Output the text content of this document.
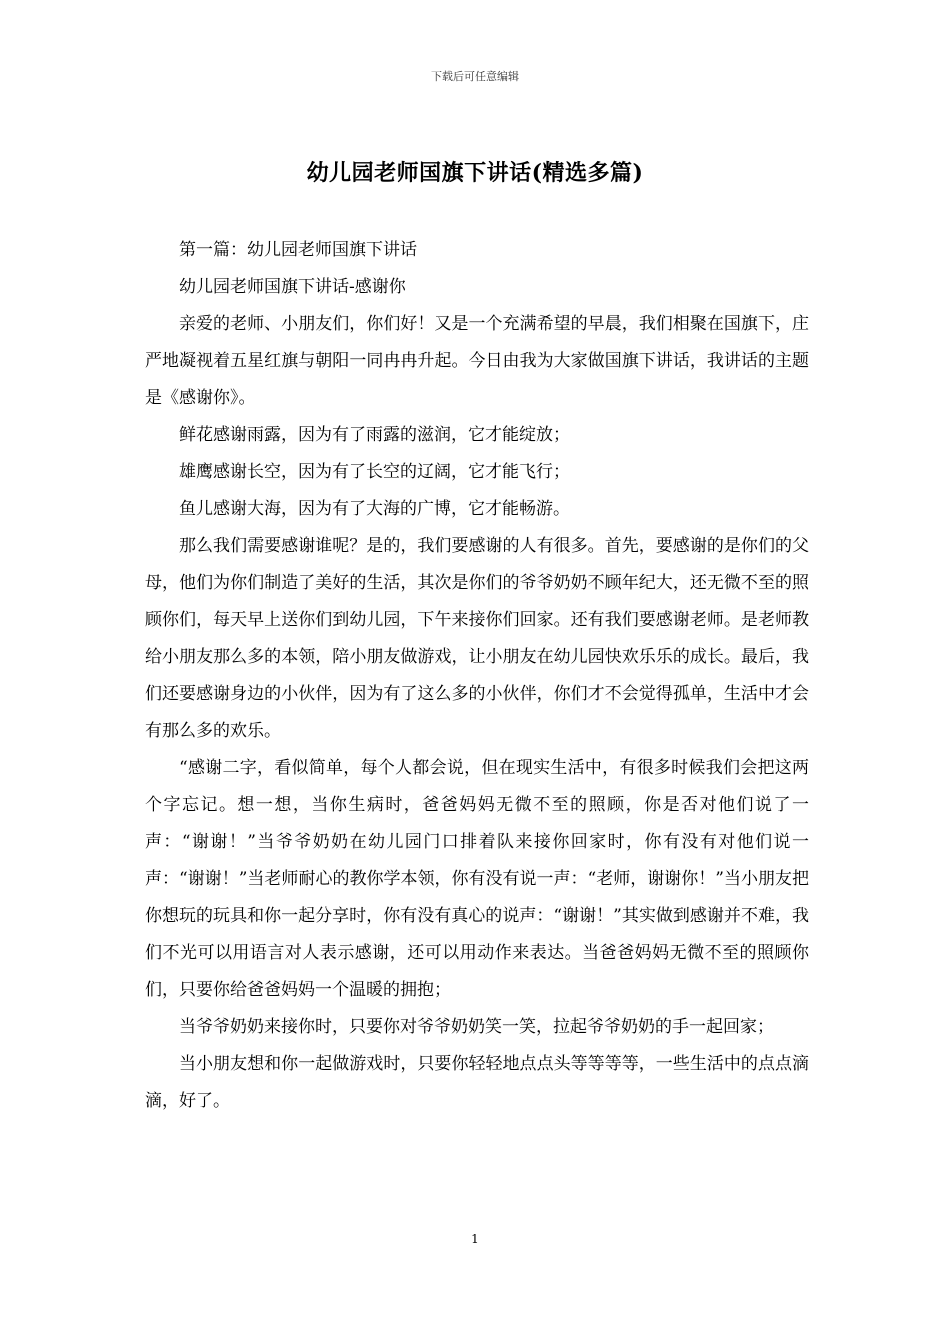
下载后可任意编辑
幼儿园老师国旗下讲话(精选多篇)

第一篇：幼儿园老师国旗下讲话

幼儿园老师国旗下讲话-感谢你

亲爱的老师、小朋友们，你们好！又是一个充满希望的早晨，我们相聚在国旗下，庄严地凝视着五星红旗与朝阳一同冉冉升起。今日由我为大家做国旗下讲话，我讲话的主题是《感谢你》。

鲜花感谢雨露，因为有了雨露的滋润，它才能绽放；

雄鹰感谢长空，因为有了长空的辽阔，它才能飞行；

鱼儿感谢大海，因为有了大海的广博，它才能畅游。

那么我们需要感谢谁呢？是的，我们要感谢的人有很多。首先，要感谢的是你们的父母，他们为你们制造了美好的生活，其次是你们的爷爷奶奶不顾年纪大，还无微不至的照顾你们，每天早上送你们到幼儿园，下午来接你们回家。还有我们要感谢老师。是老师教给小朋友那么多的本领，陪小朋友做游戏，让小朋友在幼儿园快欢乐乐的成长。最后，我们还要感谢身边的小伙伴，因为有了这么多的小伙伴，你们才不会觉得孤单，生活中才会有那么多的欢乐。

“感谢二字，看似简单，每个人都会说，但在现实生活中，有很多时候我们会把这两个字忘记。想一想，当你生病时，爸爸妈妈无微不至的照顾，你是否对他们说了一声：“谢谢！”当爷爷奶奶在幼儿园门口排着队来接你回家时，你有没有对他们说一声：“谢谢！”当老师耐心的教你学本领，你有没有说一声：“老师，谢谢你！”当小朋友把你想玩的玩具和你一起分享时，你有没有真心的说声：“谢谢！”其实做到感谢并不难，我们不光可以用语言对人表示感谢，还可以用动作来表达。当爸爸妈妈无微不至的照顾你们，只要你给爸爸妈妈一个温暖的拥抱；

当爷爷奶奶来接你时，只要你对爷爷奶奶笑一笑，拉起爷爷奶奶的手一起回家；

当小朋友想和你一起做游戏时，只要你轻轻地点点头等等等等，一些生活中的点点滴滴，好了。

1
